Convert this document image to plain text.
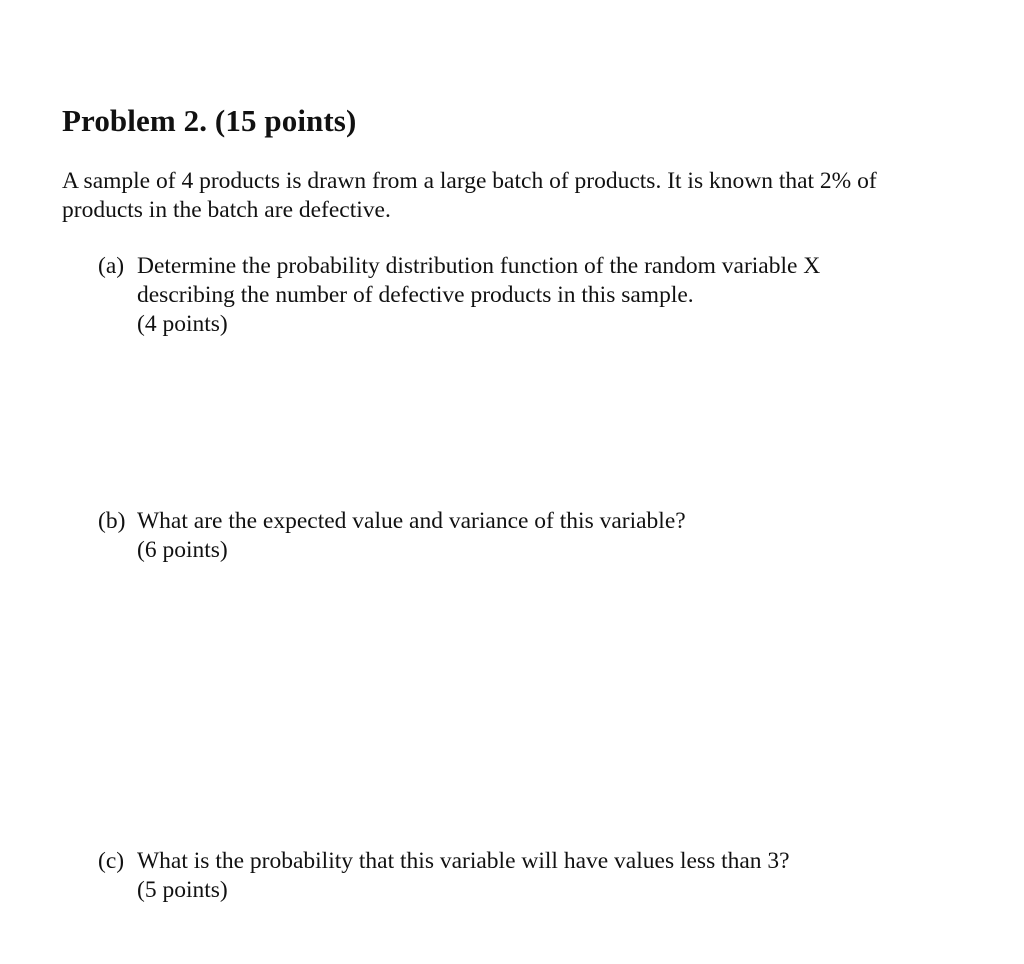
Problem 2. (15 points)
A sample of 4 products is drawn from a large batch of products. It is known that 2% of
products in the batch are defective.
(a) Determine the probability distribution function of the random variable X
describing the number of defective products in this sample.
(4 points)
(b) What are the expected value and variance of this variable?
(6 points)
(c) What is the probability that this variable will have values less than 3?
(5 points)
